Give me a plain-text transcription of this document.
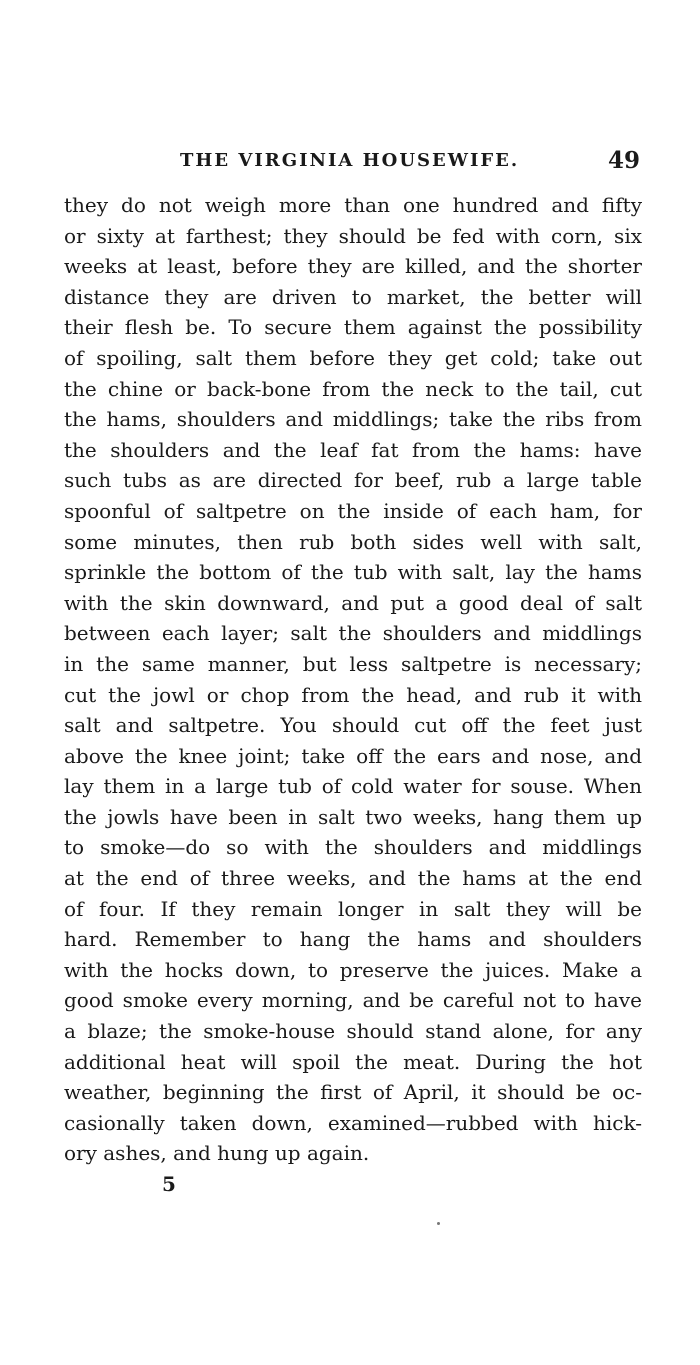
THE VIRGINIA HOUSEWIFE.	49
they do not weigh more than one hundred and fifty
or sixty at farthest; they should be fed with corn, six
weeks at least, before they are killed, and the shorter
distance they are driven to market, the better will
their flesh be. To secure them against the possibility
of spoiling, salt them before they get cold; take out
the chine or back-bone from the neck to the tail, cut
the hams, shoulders and middlings; take the ribs from
the shoulders and the leaf fat from the hams: have
such tubs as are directed for beef, rub a large table
spoonful of saltpetre on the inside of each ham, for
some minutes, then rub both sides well with salt,
sprinkle the bottom of the tub with salt, lay the hams
with the skin downward, and put a good deal of salt
between each layer; salt the shoulders and middlings
in the same manner, but less saltpetre is necessary;
cut the jowl or chop from the head, and rub it with
salt and saltpetre. You should cut off the feet just
above the knee joint; take off the ears and nose, and
lay them in a large tub of cold water for souse. When
the jowls have been in salt two weeks, hang them up
to smoke—do so with the shoulders and middlings
at the end of three weeks, and the hams at the end
of four. If they remain longer in salt they will be
hard. Remember to hang the hams and shoulders
with the hocks down, to preserve the juices. Make a
good smoke every morning, and be careful not to have
a blaze; the smoke-house should stand alone, for any
additional heat will spoil the meat. During the hot
weather, beginning the first of April, it should be oc-
casionally taken down, examined—rubbed with hick-
ory ashes, and hung up again.
5
